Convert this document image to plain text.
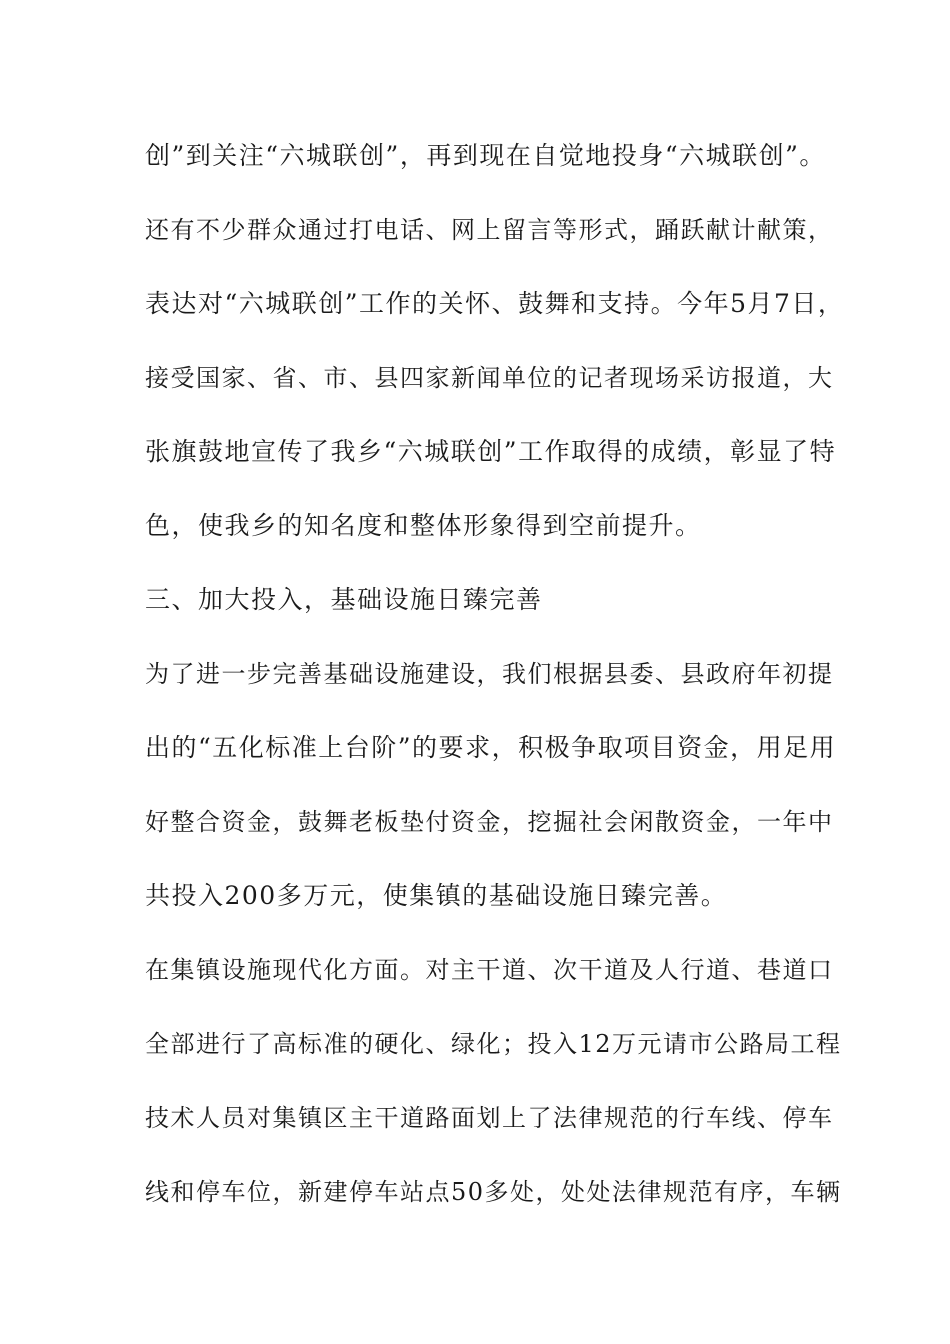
创”到关注“六城联创”，再到现在自觉地投身“六城联创”。
还有不少群众通过打电话、网上留言等形式，踊跃献计献策，
表达对“六城联创”工作的关怀、鼓舞和支持。今年5月7日，
接受国家、省、市、县四家新闻单位的记者现场采访报道，大
张旗鼓地宣传了我乡“六城联创”工作取得的成绩，彰显了特
色，使我乡的知名度和整体形象得到空前提升。
三、加大投入，基础设施日臻完善
为了进一步完善基础设施建设，我们根据县委、县政府年初提
出的“五化标准上台阶”的要求，积极争取项目资金，用足用
好整合资金，鼓舞老板垫付资金，挖掘社会闲散资金，一年中
共投入200多万元，使集镇的基础设施日臻完善。
在集镇设施现代化方面。对主干道、次干道及人行道、巷道口
全部进行了高标准的硬化、绿化；投入12万元请市公路局工程
技术人员对集镇区主干道路面划上了法律规范的行车线、停车
线和停车位，新建停车站点50多处，处处法律规范有序，车辆
